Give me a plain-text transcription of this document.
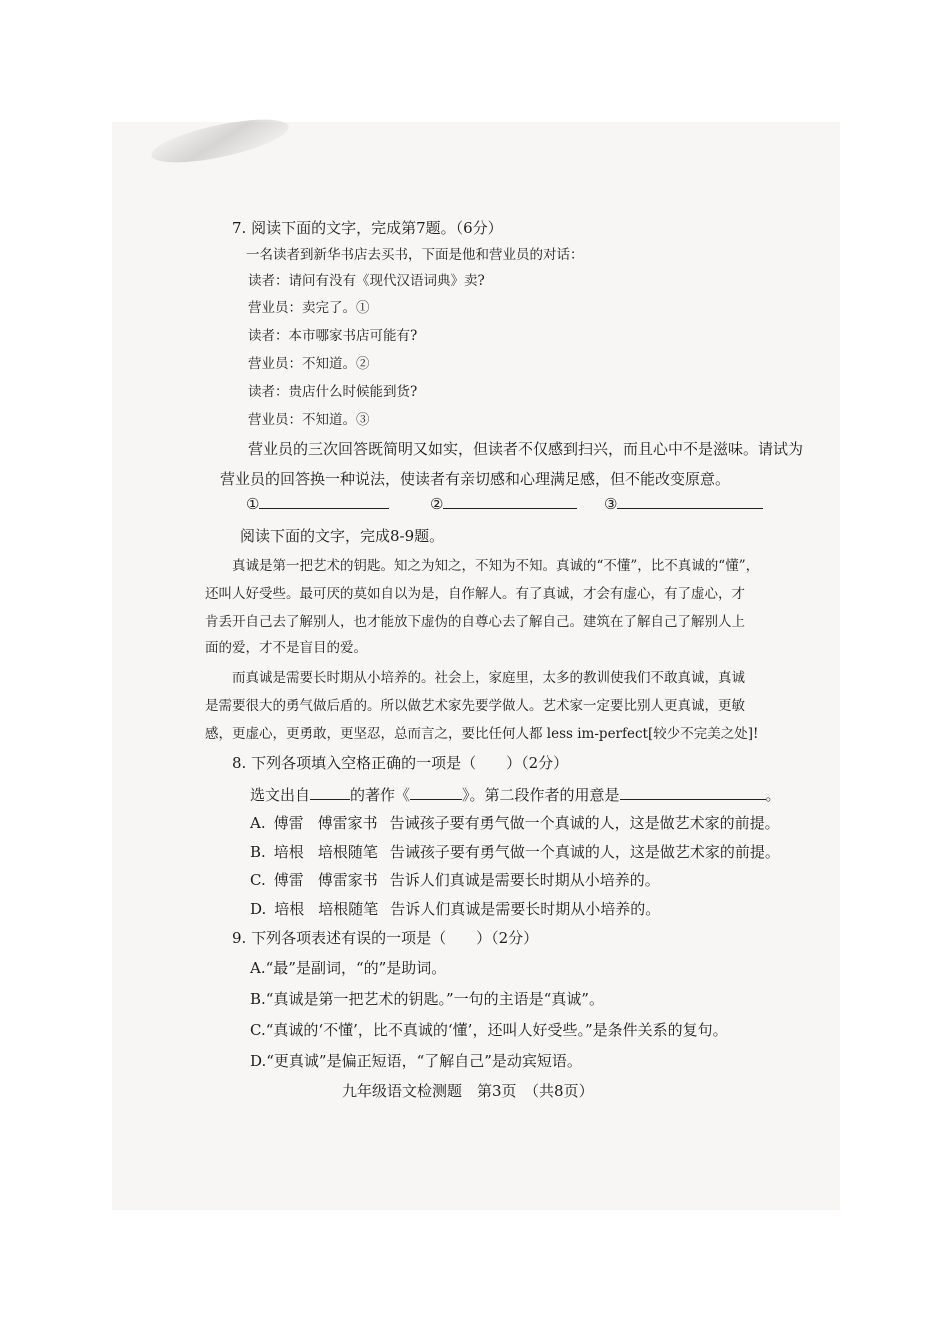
7. 阅读下面的文字，完成第7题。（6分）
一名读者到新华书店去买书，下面是他和营业员的对话：
读者：请问有没有《现代汉语词典》卖?
营业员：卖完了。①
读者：本市哪家书店可能有?
营业员：不知道。②
读者：贵店什么时候能到货?
营业员：不知道。③
营业员的三次回答既简明又如实，但读者不仅感到扫兴，而且心中不是滋味。请试为
营业员的回答换一种说法，使读者有亲切感和心理满足感，但不能改变原意。
①	②	③
阅读下面的文字，完成8-9题。
真诚是第一把艺术的钥匙。知之为知之，不知为不知。真诚的“不懂”，比不真诚的“懂”，
还叫人好受些。最可厌的莫如自以为是，自作解人。有了真诚，才会有虚心，有了虚心，才
肯丢开自己去了解别人，也才能放下虚伪的自尊心去了解自己。建筑在了解自己了解别人上
面的爱，才不是盲目的爱。
而真诚是需要长时期从小培养的。社会上，家庭里，太多的教训使我们不敢真诚，真诚
是需要很大的勇气做后盾的。所以做艺术家先要学做人。艺术家一定要比别人更真诚，更敏
感，更虚心，更勇敢，更坚忍，总而言之，要比任何人都 less im-perfect[较少不完美之处]!
8. 下列各项填入空格正确的一项是（　　）（2分）
选文出自	的著作《	》。第二段作者的用意是	。
A. 傅雷 傅雷家书 告诫孩子要有勇气做一个真诚的人，这是做艺术家的前提。
B. 培根 培根随笔 告诫孩子要有勇气做一个真诚的人，这是做艺术家的前提。
C. 傅雷 傅雷家书 告诉人们真诚是需要长时期从小培养的。
D. 培根 培根随笔 告诉人们真诚是需要长时期从小培养的。
9. 下列各项表述有误的一项是（　　）（2分）
A.“最”是副词，“的”是助词。
B.“真诚是第一把艺术的钥匙。”一句的主语是“真诚”。
C.“真诚的‘不懂’，比不真诚的‘懂’，还叫人好受些。”是条件关系的复句。
D.“更真诚”是偏正短语，“了解自己”是动宾短语。
九年级语文检测题　第3页　（共8页）
